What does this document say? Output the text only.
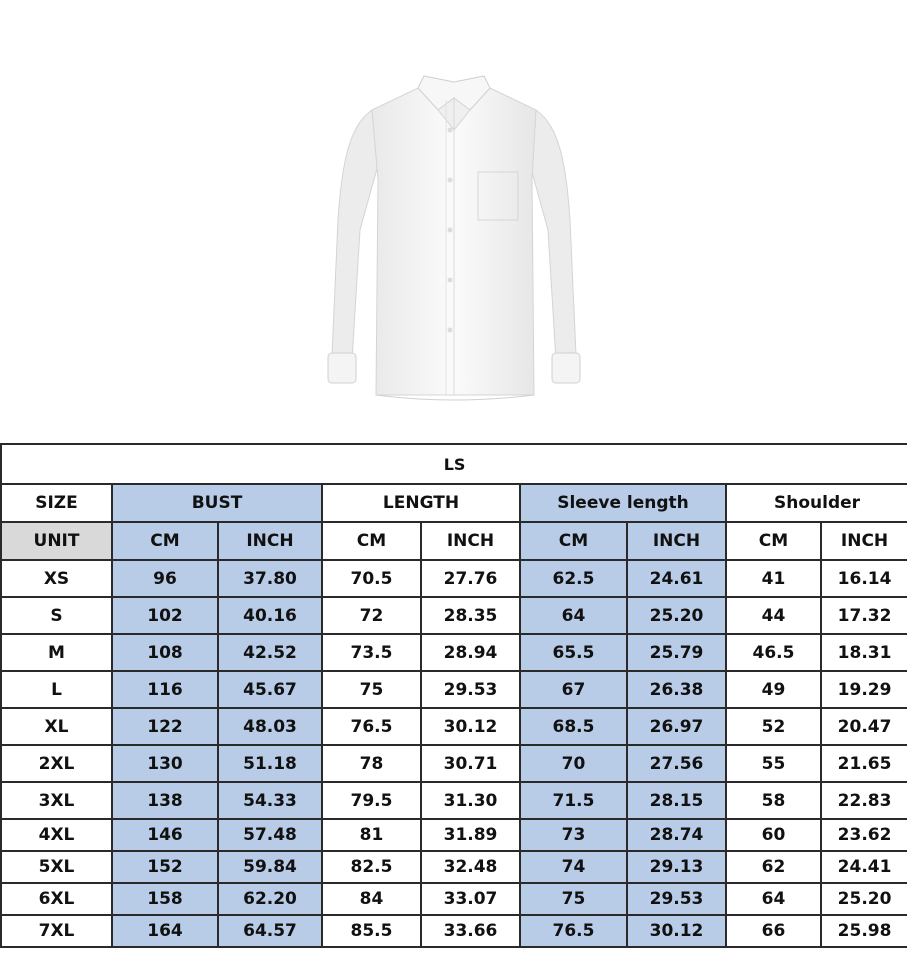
LS								
SIZE	BUST		LENGTH		Sleeve length		Shoulder	
UNIT	CM	INCH	CM	INCH	CM	INCH	CM	INCH
XS	96	37.80	70.5	27.76	62.5	24.61	41	16.14
S	102	40.16	72	28.35	64	25.20	44	17.32
M	108	42.52	73.5	28.94	65.5	25.79	46.5	18.31
L	116	45.67	75	29.53	67	26.38	49	19.29
XL	122	48.03	76.5	30.12	68.5	26.97	52	20.47
2XL	130	51.18	78	30.71	70	27.56	55	21.65
3XL	138	54.33	79.5	31.30	71.5	28.15	58	22.83
4XL	146	57.48	81	31.89	73	28.74	60	23.62
5XL	152	59.84	82.5	32.48	74	29.13	62	24.41
6XL	158	62.20	84	33.07	75	29.53	64	25.20
7XL	164	64.57	85.5	33.66	76.5	30.12	66	25.98
